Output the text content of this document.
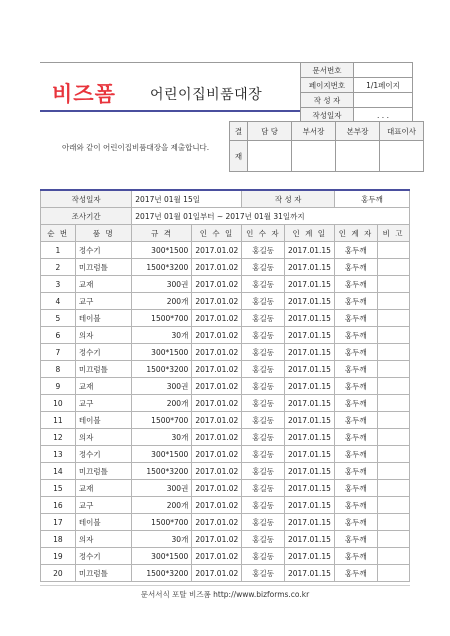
비즈폼 어린이집비품대장
문서번호	
페이지번호	1/1페이지
작 성 자	
작성일자	. . .
아래와 같이 어린이집비품대장을 제출합니다.
결	담 당	부서장	본부장	대표이사
재				
작성일자		2017년 01월 15일		작 성 자		홍두깨	
조사기간		2017년 01월 01일부터 ~ 2017년 01월 31일까지					
순 번	품 명	규 격	인 수 일	인 수 자	인 계 일	인 계 자	비 고
1	정수기	300*1500	2017.01.02	홍길동	2017.01.15	홍두깨	
2	미끄럼틀	1500*3200	2017.01.02	홍길동	2017.01.15	홍두깨	
3	교재	300권	2017.01.02	홍길동	2017.01.15	홍두깨	
4	교구	200개	2017.01.02	홍길동	2017.01.15	홍두깨	
5	테이블	1500*700	2017.01.02	홍길동	2017.01.15	홍두깨	
6	의자	30개	2017.01.02	홍길동	2017.01.15	홍두깨	
7	정수기	300*1500	2017.01.02	홍길동	2017.01.15	홍두깨	
8	미끄럼틀	1500*3200	2017.01.02	홍길동	2017.01.15	홍두깨	
9	교재	300권	2017.01.02	홍길동	2017.01.15	홍두깨	
10	교구	200개	2017.01.02	홍길동	2017.01.15	홍두깨	
11	테이블	1500*700	2017.01.02	홍길동	2017.01.15	홍두깨	
12	의자	30개	2017.01.02	홍길동	2017.01.15	홍두깨	
13	정수기	300*1500	2017.01.02	홍길동	2017.01.15	홍두깨	
14	미끄럼틀	1500*3200	2017.01.02	홍길동	2017.01.15	홍두깨	
15	교재	300권	2017.01.02	홍길동	2017.01.15	홍두깨	
16	교구	200개	2017.01.02	홍길동	2017.01.15	홍두깨	
17	테이블	1500*700	2017.01.02	홍길동	2017.01.15	홍두깨	
18	의자	30개	2017.01.02	홍길동	2017.01.15	홍두깨	
19	정수기	300*1500	2017.01.02	홍길동	2017.01.15	홍두깨	
20	미끄럼틀	1500*3200	2017.01.02	홍길동	2017.01.15	홍두깨	
문서서식 포탈 비즈폼 http://www.bizforms.co.kr
